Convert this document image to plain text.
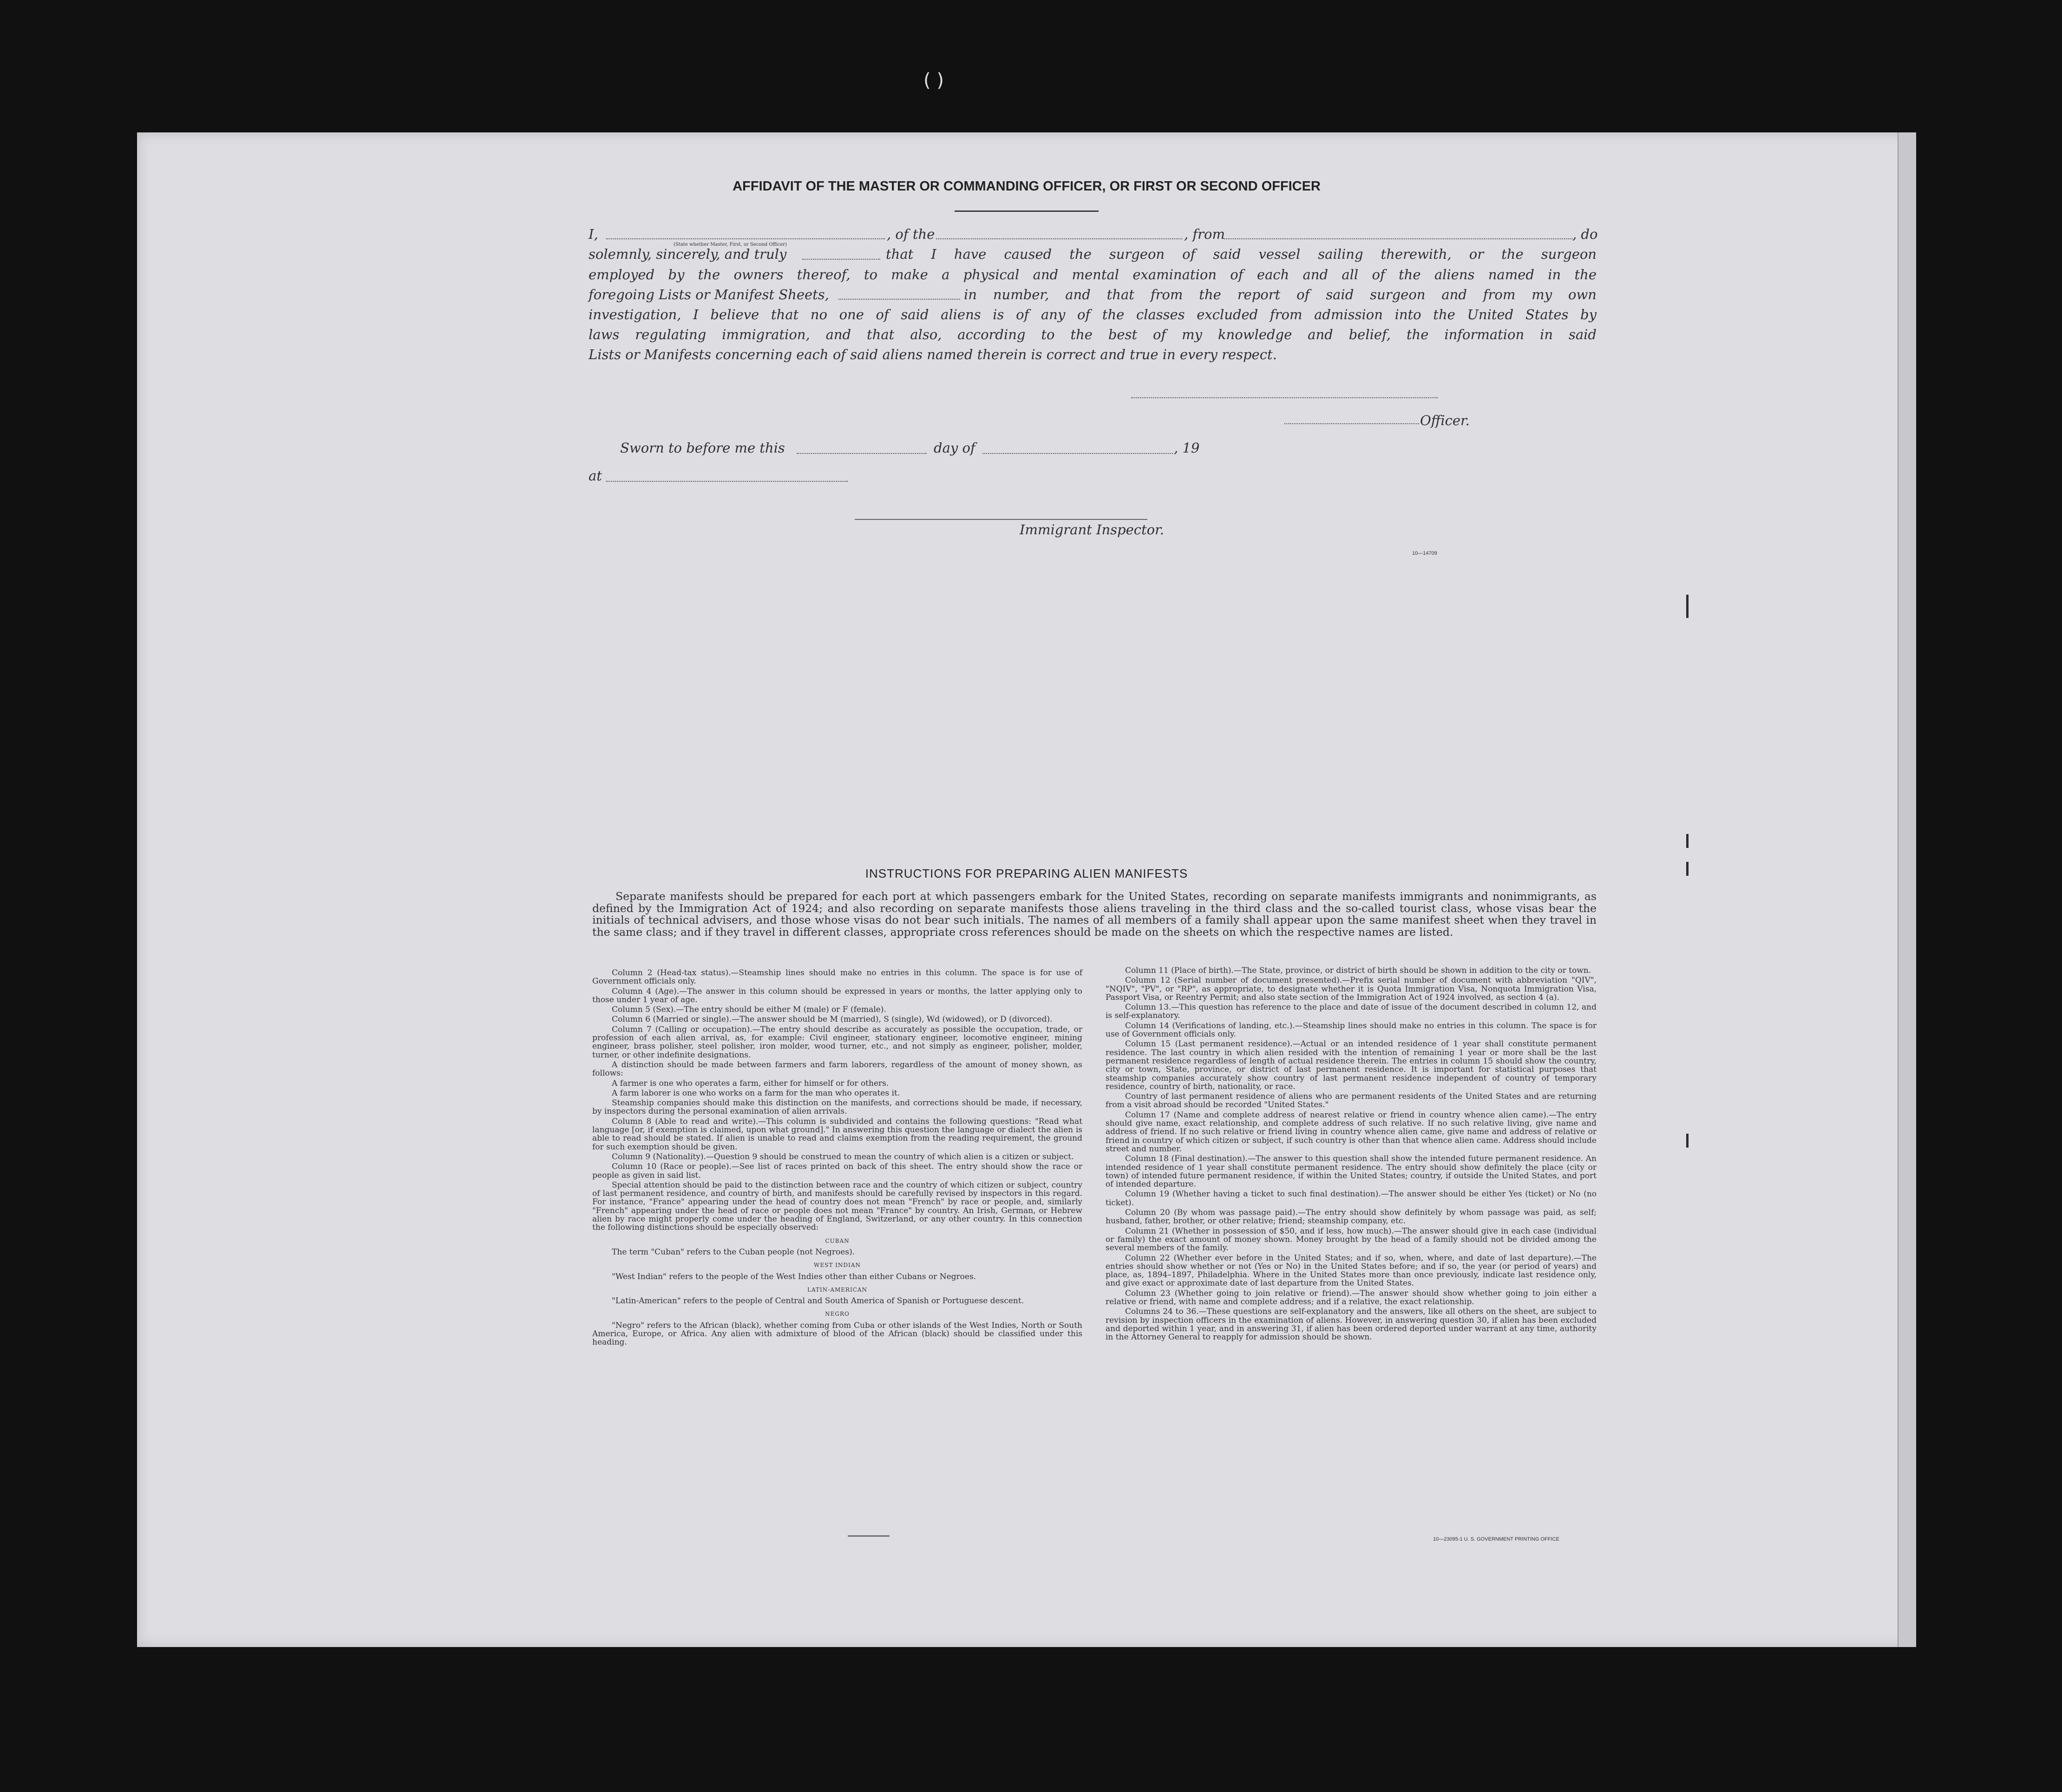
( )
AFFIDAVIT OF THE MASTER OR COMMANDING OFFICER, OR FIRST OR SECOND OFFICER
I,	, of the	, from	, do
(State whether Master, First, or Second Officer)
solemnly, sincerely, and truly	that I have caused the surgeon of said vessel sailing therewith, or the surgeon
employed by the owners thereof, to make a physical and mental examination of each and all of the aliens named in the
foregoing Lists or Manifest Sheets,	in number, and that from the report of said surgeon and from my own
investigation, I believe that no one of said aliens is of any of the classes excluded from admission into the United States by
laws regulating immigration, and that also, according to the best of my knowledge and belief, the information in said
Lists or Manifests concerning each of said aliens named therein is correct and true in every respect.
Officer.
Sworn to before me this	day of	, 19
at
Immigrant Inspector.
10—14709
INSTRUCTIONS FOR PREPARING ALIEN MANIFESTS
Separate manifests should be prepared for each port at which passengers embark for the United States, recording on separate manifests immigrants and nonimmigrants, as defined by the Immigration Act of 1924; and also recording on separate manifests those aliens traveling in the third class and the so-called tourist class, whose visas bear the initials of technical advisers, and those whose visas do not bear such initials. The names of all members of a family shall appear upon the same manifest sheet when they travel in the same class; and if they travel in different classes, appropriate cross references should be made on the sheets on which the respective names are listed.

Column 2 (Head-tax status).—Steamship lines should make no entries in this column. The space is for use of Government officials only.

Column 4 (Age).—The answer in this column should be expressed in years or months, the latter applying only to those under 1 year of age.

Column 5 (Sex).—The entry should be either M (male) or F (female).

Column 6 (Married or single).—The answer should be M (married), S (single), Wd (widowed), or D (divorced).

Column 7 (Calling or occupation).—The entry should describe as accurately as possible the occupation, trade, or profession of each alien arrival, as, for example: Civil engineer, stationary engineer, locomotive engineer, mining engineer, brass polisher, steel polisher, iron molder, wood turner, etc., and not simply as engineer, polisher, molder, turner, or other indefinite designations.

A distinction should be made between farmers and farm laborers, regardless of the amount of money shown, as follows:

A farmer is one who operates a farm, either for himself or for others.

A farm laborer is one who works on a farm for the man who operates it.

Steamship companies should make this distinction on the manifests, and corrections should be made, if necessary, by inspectors during the personal examination of alien arrivals.

Column 8 (Able to read and write).—This column is subdivided and contains the following questions: "Read what language [or, if exemption is claimed, upon what ground]." In answering this question the language or dialect the alien is able to read should be stated. If alien is unable to read and claims exemption from the reading requirement, the ground for such exemption should be given.

Column 9 (Nationality).—Question 9 should be construed to mean the country of which alien is a citizen or subject.

Column 10 (Race or people).—See list of races printed on back of this sheet. The entry should show the race or people as given in said list.

Special attention should be paid to the distinction between race and the country of which citizen or subject, country of last permanent residence, and country of birth, and manifests should be carefully revised by inspectors in this regard. For instance, "France" appearing under the head of country does not mean "French" by race or people, and, similarly "French" appearing under the head of race or people does not mean "France" by country. An Irish, German, or Hebrew alien by race might properly come under the heading of England, Switzerland, or any other country. In this connection the following distinctions should be especially observed:

CUBAN

The term "Cuban" refers to the Cuban people (not Negroes).

WEST INDIAN

"West Indian" refers to the people of the West Indies other than either Cubans or Negroes.

LATIN-AMERICAN

"Latin-American" refers to the people of Central and South America of Spanish or Portuguese descent.

NEGRO

"Negro" refers to the African (black), whether coming from Cuba or other islands of the West Indies, North or South America, Europe, or Africa. Any alien with admixture of blood of the African (black) should be classified under this heading.

Column 11 (Place of birth).—The State, province, or district of birth should be shown in addition to the city or town.

Column 12 (Serial number of document presented).—Prefix serial number of document with abbreviation "QIV", "NQIV", "PV", or "RP", as appropriate, to designate whether it is Quota Immigration Visa, Nonquota Immigration Visa, Passport Visa, or Reentry Permit; and also state section of the Immigration Act of 1924 involved, as section 4 (a).

Column 13.—This question has reference to the place and date of issue of the document described in column 12, and is self-explanatory.

Column 14 (Verifications of landing, etc.).—Steamship lines should make no entries in this column. The space is for use of Government officials only.

Column 15 (Last permanent residence).—Actual or an intended residence of 1 year shall constitute permanent residence. The last country in which alien resided with the intention of remaining 1 year or more shall be the last permanent residence regardless of length of actual residence therein. The entries in column 15 should show the country, city or town, State, province, or district of last permanent residence. It is important for statistical purposes that steamship companies accurately show country of last permanent residence independent of country of temporary residence, country of birth, nationality, or race.

Country of last permanent residence of aliens who are permanent residents of the United States and are returning from a visit abroad should be recorded "United States."

Column 17 (Name and complete address of nearest relative or friend in country whence alien came).—The entry should give name, exact relationship, and complete address of such relative. If no such relative living, give name and address of friend. If no such relative or friend living in country whence alien came, give name and address of relative or friend in country of which citizen or subject, if such country is other than that whence alien came. Address should include street and number.

Column 18 (Final destination).—The answer to this question shall show the intended future permanent residence. An intended residence of 1 year shall constitute permanent residence. The entry should show definitely the place (city or town) of intended future permanent residence, if within the United States; country, if outside the United States, and port of intended departure.

Column 19 (Whether having a ticket to such final destination).—The answer should be either Yes (ticket) or No (no ticket).

Column 20 (By whom was passage paid).—The entry should show definitely by whom passage was paid, as self; husband, father, brother, or other relative; friend; steamship company, etc.

Column 21 (Whether in possession of $50, and if less, how much).—The answer should give in each case (individual or family) the exact amount of money shown. Money brought by the head of a family should not be divided among the several members of the family.

Column 22 (Whether ever before in the United States; and if so, when, where, and date of last departure).—The entries should show whether or not (Yes or No) in the United States before; and if so, the year (or period of years) and place, as, 1894–1897, Philadelphia. Where in the United States more than once previously, indicate last residence only, and give exact or approximate date of last departure from the United States.

Column 23 (Whether going to join relative or friend).—The answer should show whether going to join either a relative or friend, with name and complete address; and if a relative, the exact relationship.

Columns 24 to 36.—These questions are self-explanatory and the answers, like all others on the sheet, are subject to revision by inspection officers in the examination of aliens. However, in answering question 30, if alien has been excluded and deported within 1 year, and in answering 31, if alien has been ordered deported under warrant at any time, authority in the Attorney General to reapply for admission should be shown.

10—23095-1 U. S. GOVERNMENT PRINTING OFFICE
